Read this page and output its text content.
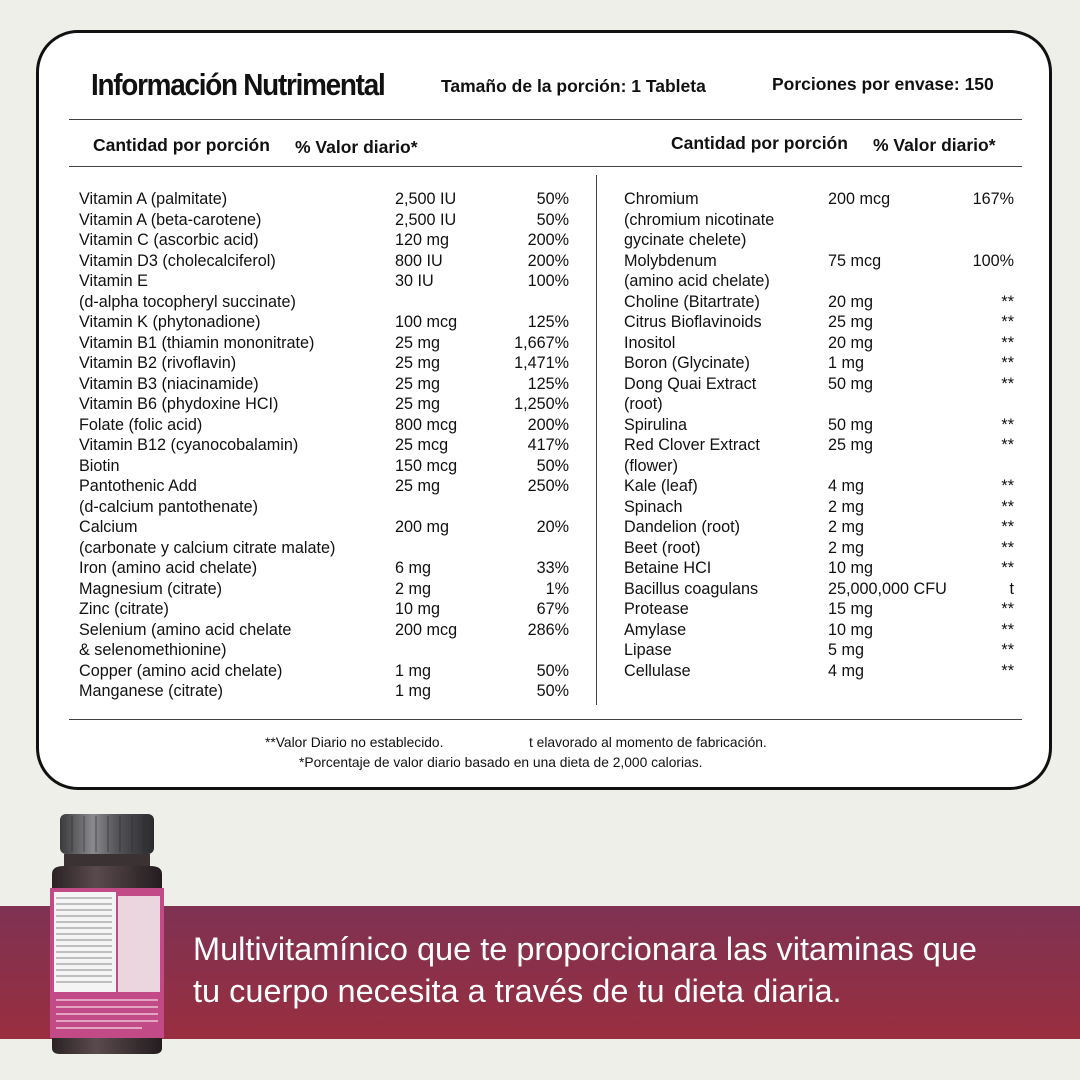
Información Nutrimental	Tamaño de la porción: 1 Tableta	Porciones por envase: 150
Cantidad por porción % Valor diario*	Cantidad por porción % Valor diario*
Vitamin A (palmitate)	2,500 IU	50%
Vitamin A (beta-carotene)	2,500 IU	50%
Vitamin C (ascorbic acid)	120 mg	200%
Vitamin D3 (cholecalciferol)	800 IU	200%
Vitamin E	30 IU	100%
(d-alpha tocopheryl succinate)
Vitamin K (phytonadione)	100 mcg	125%
Vitamin B1 (thiamin mononitrate)	25 mg	1,667%
Vitamin B2 (rivoflavin)	25 mg	1,471%
Vitamin B3 (niacinamide)	25 mg	125%
Vitamin B6 (phydoxine HCI)	25 mg	1,250%
Folate (folic acid)	800 mcg	200%
Vitamin B12 (cyanocobalamin)	25 mcg	417%
Biotin	150 mcg	50%
Pantothenic Add	25 mg	250%
(d-calcium pantothenate)
Calcium	200 mg	20%
(carbonate y calcium citrate malate)
Iron (amino acid chelate)	6 mg	33%
Magnesium (citrate)	2 mg	1%
Zinc (citrate)	10 mg	67%
Selenium (amino acid chelate	200 mcg	286%
& selenomethionine)
Copper (amino acid chelate)	1 mg	50%
Manganese (citrate)	1 mg	50%
Chromium	200 mcg	167%
(chromium nicotinate
gycinate chelete)
Molybdenum	75 mcg	100%
(amino acid chelate)
Choline (Bitartrate)	20 mg	**
Citrus Bioflavinoids	25 mg	**
Inositol	20 mg	**
Boron (Glycinate)	1 mg	**
Dong Quai Extract	50 mg	**
(root)
Spirulina	50 mg	**
Red Clover Extract	25 mg	**
(flower)
Kale (leaf)	4 mg	**
Spinach	2 mg	**
Dandelion (root)	2 mg	**
Beet (root)	2 mg	**
Betaine HCI	10 mg	**
Bacillus coagulans	25,000,000 CFU	t
Protease	15 mg	**
Amylase	10 mg	**
Lipase	5 mg	**
Cellulase	4 mg	**
**Valor Diario no establecido.	t elavorado al momento de fabricación.
*Porcentaje de valor diario basado en una dieta de 2,000 calorias.
Multivitamínico que te proporcionara las vitaminas que
tu cuerpo necesita a través de tu dieta diaria.
